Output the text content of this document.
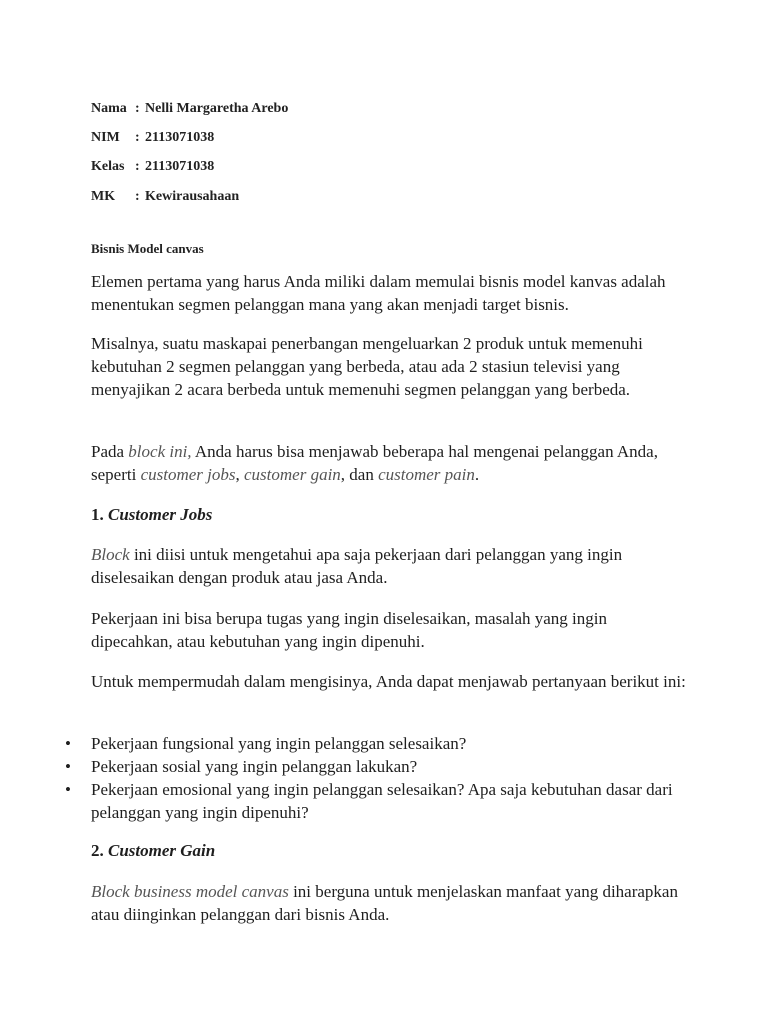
Nama : Nelli Margaretha Arebo
NIM	: 2113071038
Kelas : 2113071038
MK	: Kewirausahaan
Bisnis Model canvas
Elemen pertama yang harus Anda miliki dalam memulai bisnis model kanvas adalah menentukan segmen pelanggan mana yang akan menjadi target bisnis.
Misalnya, suatu maskapai penerbangan mengeluarkan 2 produk untuk memenuhi kebutuhan 2 segmen pelanggan yang berbeda, atau ada 2 stasiun televisi yang menyajikan 2 acara berbeda untuk memenuhi segmen pelanggan yang berbeda.
Pada block ini, Anda harus bisa menjawab beberapa hal mengenai pelanggan Anda, seperti customer jobs, customer gain, dan customer pain.
1. Customer Jobs
Block ini diisi untuk mengetahui apa saja pekerjaan dari pelanggan yang ingin diselesaikan dengan produk atau jasa Anda.
Pekerjaan ini bisa berupa tugas yang ingin diselesaikan, masalah yang ingin dipecahkan, atau kebutuhan yang ingin dipenuhi.
Untuk mempermudah dalam mengisinya, Anda dapat menjawab pertanyaan berikut ini:
•	Pekerjaan fungsional yang ingin pelanggan selesaikan?
•	Pekerjaan sosial yang ingin pelanggan lakukan?
•	Pekerjaan emosional yang ingin pelanggan selesaikan? Apa saja kebutuhan dasar dari pelanggan yang ingin dipenuhi?
2. Customer Gain
Block business model canvas ini berguna untuk menjelaskan manfaat yang diharapkan atau diinginkan pelanggan dari bisnis Anda.
